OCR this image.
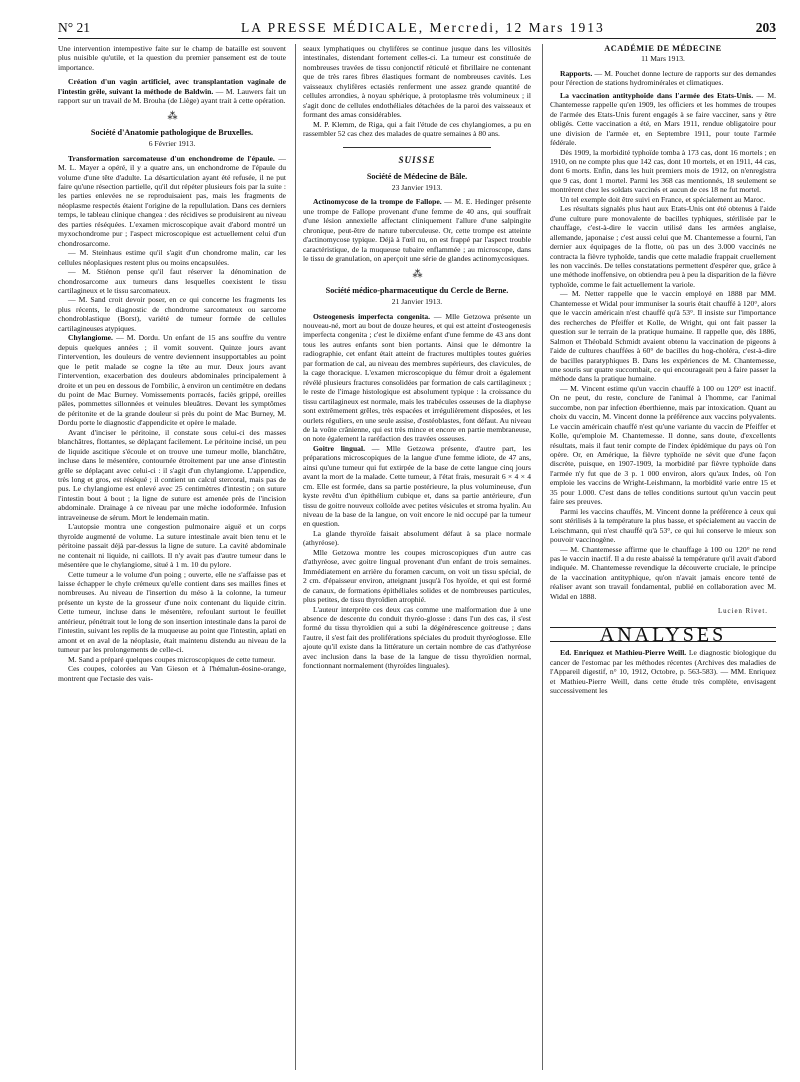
N° 21	LA PRESSE MÉDICALE, Mercredi, 12 Mars 1913	203

Une intervention intempestive faite sur le champ de bataille est souvent plus nuisible qu'utile, et la question du premier pansement est de toute importance.

Création d'un vagin artificiel, avec transplantation vaginale de l'intestin grêle, suivant la méthode de Baldwin. — M. Lauwers fait un rapport sur un travail de M. Brouha (de Liège) ayant trait à cette opération.

⁂
Société d'Anatomie pathologique de Bruxelles.
6 Février 1913.

Transformation sarcomateuse d'un enchondrome de l'épaule. — M. L. Mayer a opéré, il y a quatre ans, un enchondrome de l'épaule du volume d'une tête d'adulte. La désarticulation ayant été refusée, il ne put faire qu'une résection partielle, qu'il dut répéter plusieurs fois par la suite : les parties enlevées ne se reproduisaient pas, mais les fragments de néoplasme respectés étaient l'origine de la repullulation. Dans ces derniers temps, le tableau clinique changea : des récidives se produisirent au niveau des parties réséquées. L'examen microscopique avait d'abord montré un myxochondrome pur ; l'aspect microscopique est actuellement celui d'un chondrosarcome.

— M. Steinhaus estime qu'il s'agit d'un chondrome malin, car les cellules néoplasiques restent plus ou moins encapsulées.

— M. Stiénon pense qu'il faut réserver la dénomination de chondrosarcome aux tumeurs dans lesquelles coexistent le tissu cartilagineux et le tissu sarcomateux.

— M. Sand croit devoir poser, en ce qui concerne les fragments les plus récents, le diagnostic de chondrome sarcomateux ou sarcome chondroblastique (Borst), variété de tumeur formée de cellules cartilagineuses atypiques.

Chylangiome. — M. Dordu. Un enfant de 15 ans souffre du ventre depuis quelques années ; il vomit souvent. Quinze jours avant l'intervention, les douleurs de ventre deviennent insupportables au point que le petit malade se cogne la tête au mur. Deux jours avant l'intervention, exacerbation des douleurs abdominales principalement à droite et un peu en dessous de l'ombilic, à environ un centimètre en dedans du point de Mac Burney. Vomissements porracés, faciès grippé, oreilles pâles, pommettes sillonnées et veinules bleuâtres. Devant les symptômes de péritonite et de la grande douleur si près du point de Mac Burney, M. Dordu porte le diagnostic d'appendicite et opère le malade.

Avant d'inciser le péritoine, il constate sous celui-ci des masses blanchâtres, flottantes, se déplaçant facilement. Le péritoine incisé, un peu de liquide ascitique s'écoule et on trouve une tumeur molle, blanchâtre, incluse dans le mésentère, contournée étroitement par une anse d'intestin grêle se déplaçant avec celui-ci : il s'agit d'un chylangiome. L'appendice, très long et gros, est réséqué ; il contient un calcul stercoral, mais pas de pus. Le chylangiome est enlevé avec 25 centimètres d'intestin ; on suture l'intestin bout à bout ; la ligne de suture est amenée près de l'incision abdominale. Drainage à ce niveau par une mèche iodoformée. Infusion intraveineuse de sérum. Mort le lendemain matin.

L'autopsie montra une congestion pulmonaire aiguë et un corps thyroïde augmenté de volume. La suture intestinale avait bien tenu et le péritoine passait déjà par-dessus la ligne de suture. La cavité abdominale ne contenait ni liquide, ni caillots. Il n'y avait pas d'autre tumeur dans le mésentère que le chylangiome, situé à 1 m. 10 du pylore.

Cette tumeur a le volume d'un poing ; ouverte, elle ne s'affaisse pas et laisse échapper le chyle crémeux qu'elle contient dans ses mailles fines et nombreuses. Au niveau de l'insertion du méso à la colonne, la tumeur présente un kyste de la grosseur d'une noix contenant du liquide citrin. Cette tumeur, incluse dans le mésentère, refoulant surtout le feuillet antérieur, pénétrait tout le long de son insertion intestinale dans la paroi de l'intestin, suivant les replis de la muqueuse au point que l'intestin, aplati en amont et en aval de la néoplasie, était maintenu distendu au niveau de la tumeur par les prolongements de celle-ci.

M. Sand a préparé quelques coupes microscopiques de cette tumeur.

Ces coupes, colorées au Van Gieson et à l'hémalun-éosine-orange, montrent que l'ectasie des vais-

seaux lymphatiques ou chylifères se continue jusque dans les villosités intestinales, distendant fortement celles-ci. La tumeur est constituée de nombreuses travées de tissu conjonctif réticulé et fibrillaire ne contenant que de très rares fibres élastiques formant de nombreuses cavités. Les vaisseaux chylifères ectasiés renferment une assez grande quantité de cellules arrondies, à noyau sphérique, à protoplasme très volumineux ; il s'agit donc de cellules endothéliales détachées de la paroi des vaisseaux et formant des amas considérables.

M. P. Klemm, de Riga, qui a fait l'étude de ces chylangiomes, a pu en rassembler 52 cas chez des malades de quatre semaines à 80 ans.

SUISSE
Société de Médecine de Bâle.
23 Janvier 1913.

Actinomycose de la trompe de Fallope. — M. E. Hedinger présente une trompe de Fallope provenant d'une femme de 40 ans, qui souffrait d'une lésion annexielle affectant cliniquement l'allure d'une salpingite chronique, peut-être de nature tuberculeuse. Or, cette trompe est atteinte d'actinomycose typique. Déjà à l'œil nu, on est frappé par l'aspect trouble caractéristique, de la muqueuse tubaire enflammée ; au microscope, dans le tissu de granulation, on aperçoit une série de glandes actinomycosiques.

⁂
Société médico-pharmaceutique du Cercle de Berne.
21 Janvier 1913.

Osteogenesis imperfecta congenita. — Mlle Getzowa présente un nouveau-né, mort au bout de douze heures, et qui est atteint d'osteogenesis imperfecta congenita ; c'est le dixième enfant d'une femme de 43 ans dont tous les autres enfants sont bien portants. Ainsi que le démontre la radiographie, cet enfant était atteint de fractures multiples toutes guéries par formation de cal, au niveau des membres supérieurs, des clavicules, de la cage thoracique. L'examen microscopique du fémur droit a également révélé plusieurs fractures consolidées par formation de cals cartilagineux ; le reste de l'image histologique est absolument typique : la croissance du tissu cartilagineux est normale, mais les trabécules osseuses de la diaphyse sont extrêmement grêles, très espacées et irrégulièrement disposées, et les ourlets réguliers, en une seule assise, d'ostéoblastes, font défaut. Au niveau de la voûte crânienne, qui est très mince et encore en partie membraneuse, on note également la raréfaction des travées osseuses.

Goitre lingual. — Mlle Getzowa présente, d'autre part, les préparations microscopiques de la langue d'une femme idiote, de 47 ans, ainsi qu'une tumeur qui fut extirpée de la base de cette langue cinq jours avant la mort de la malade. Cette tumeur, à l'état frais, mesurait 6 × 4 × 4 cm. Elle est formée, dans sa partie postérieure, la plus volumineuse, d'un kyste revêtu d'un épithélium cubique et, dans sa partie antérieure, d'un tissu de goitre nouveux colloïde avec petites vésicules et stroma hyalin. Au niveau de la base de la langue, on voit encore le nid occupé par la tumeur en question.

La glande thyroïde faisait absolument défaut à sa place normale (athyréose).

Mlle Getzowa montre les coupes microscopiques d'un autre cas d'athyréose, avec goitre lingual provenant d'un enfant de trois semaines. Immédiatement en arrière du foramen cæcum, on voit un tissu spécial, de 2 cm. d'épaisseur environ, atteignant jusqu'à l'os hyoïde, et qui est formé de canaux, de formations épithéliales solides et de nombreuses particules, plus petites, de tissu thyroïdien atrophié.

L'auteur interprète ces deux cas comme une malformation due à une absence de descente du conduit thyréo-glosse : dans l'un des cas, il s'est formé du tissu thyroïdien qui a subi la dégénérescence goitreuse ; dans l'autre, il s'est fait des proliférations spéciales du produit thyréoglosse. Elle ajoute qu'il existe dans la littérature un certain nombre de cas d'athyréose avec inclusion dans la base de la langue de tissu thyroïdien normal, fonctionnant normalement (thyroïdes linguales).

ACADÉMIE DE MÉDECINE
11 Mars 1913.

Rapports. — M. Pouchet donne lecture de rapports sur des demandes pour l'érection de stations hydrominérales et climatiques.

La vaccination antityphoïde dans l'armée des Etats-Unis. — M. Chantemesse rappelle qu'en 1909, les officiers et les hommes de troupes de l'armée des Etats-Unis furent engagés à se faire vacciner, sans y être obligés. Cette vaccination a été, en Mars 1911, rendue obligatoire pour une division de l'armée et, en Septembre 1911, pour toute l'armée fédérale.

Dès 1909, la morbidité typhoïde tomba à 173 cas, dont 16 mortels ; en 1910, on ne compte plus que 142 cas, dont 10 mortels, et en 1911, 44 cas, dont 6 morts. Enfin, dans les huit premiers mois de 1912, on n'enregistra que 9 cas, dont 1 mortel. Parmi les 368 cas mentionnés, 18 seulement se montrèrent chez les soldats vaccinés et aucun de ces 18 ne fut mortel.

Un tel exemple doit être suivi en France, et spécialement au Maroc.

Les résultats signalés plus haut aux Etats-Unis ont été obtenus à l'aide d'une culture pure monovalente de bacilles typhiques, stérilisée par le chauffage, c'est-à-dire le vaccin utilisé dans les armées anglaise, allemande, japonaise ; c'est aussi celui que M. Chantemesse a fourni, l'an dernier aux équipages de la flotte, où pas un des 3.000 vaccinés ne contracta la fièvre typhoïde, tandis que cette maladie frappait cruellement les non vaccinés. De telles constatations permettent d'espérer que, grâce à une méthode inoffensive, on obtiendra peu à peu la disparition de la fièvre typhoïde, comme le fait actuellement la variole.

— M. Netter rappelle que le vaccin employé en 1888 par MM. Chantemesse et Widal pour immuniser la souris était chauffé à 120°, alors que le vaccin américain n'est chauffé qu'à 53°. Il insiste sur l'importance des recherches de Pfeiffer et Kolle, de Wright, qui ont fait passer la question sur le terrain de la pratique humaine. Il rappelle que, dès 1886, Salmon et Théobald Schmidt avaient obtenu la vaccination de pigeons à l'aide de cultures chauffées à 60° de bacilles du hog-choléra, c'est-à-dire de bacilles paratyphiques B. Dans les expériences de M. Chantemesse, une souris sur quatre succombait, ce qui encourageait peu à faire passer la méthode dans la pratique humaine.

— M. Vincent estime qu'un vaccin chauffé à 100 ou 120° est inactif. On ne peut, du reste, conclure de l'animal à l'homme, car l'animal succombe, non par infection éberthienne, mais par intoxication. Quant au choix du vaccin, M. Vincent donne la préférence aux vaccins polyvalents. Le vaccin américain chauffé n'est qu'une variante du vaccin de Pfeiffer et Kolle, qu'emploie M. Chantemesse. Il donne, sans doute, d'excellents résultats, mais il faut tenir compte de l'index épidémique du pays où l'on opère. Or, en Amérique, la fièvre typhoïde ne sévit que d'une façon discrète, puisque, en 1907-1909, la morbidité par fièvre typhoïde dans l'armée n'y fut que de 3 p. 1 000 environ, alors qu'aux Indes, où l'on emploie les vaccins de Wright-Leishmann, la morbidité varie entre 15 et 35 pour 1.000. C'est dans de telles conditions surtout qu'un vaccin peut faire ses preuves.

Parmi les vaccins chauffés, M. Vincent donne la préférence à ceux qui sont stérilisés à la température la plus basse, et spécialement au vaccin de Leischmann, qui n'est chauffé qu'à 53°, ce qui lui conserve le mieux son pouvoir vaccinogène.

— M. Chantemesse affirme que le chauffage à 100 ou 120° ne rend pas le vaccin inactif. Il a du reste abaissé la température qu'il avait d'abord indiquée. M. Chantemesse revendique la découverte cruciale, le principe de la vaccination antityphique, qu'on n'avait jamais encore tenté de réaliser avant son travail fondamental, publié en collaboration avec M. Widal en 1888.

Lucien Rivet.
ANALYSES

Ed. Enriquez et Mathieu-Pierre Weill. Le diagnostic biologique du cancer de l'estomac par les méthodes récentes (Archives des maladies de l'Appareil digestif, n° 10, 1912, Octobre, p. 563-583). — MM. Enriquez et Mathieu-Pierre Weill, dans cette étude très complète, envisagent successivement les
